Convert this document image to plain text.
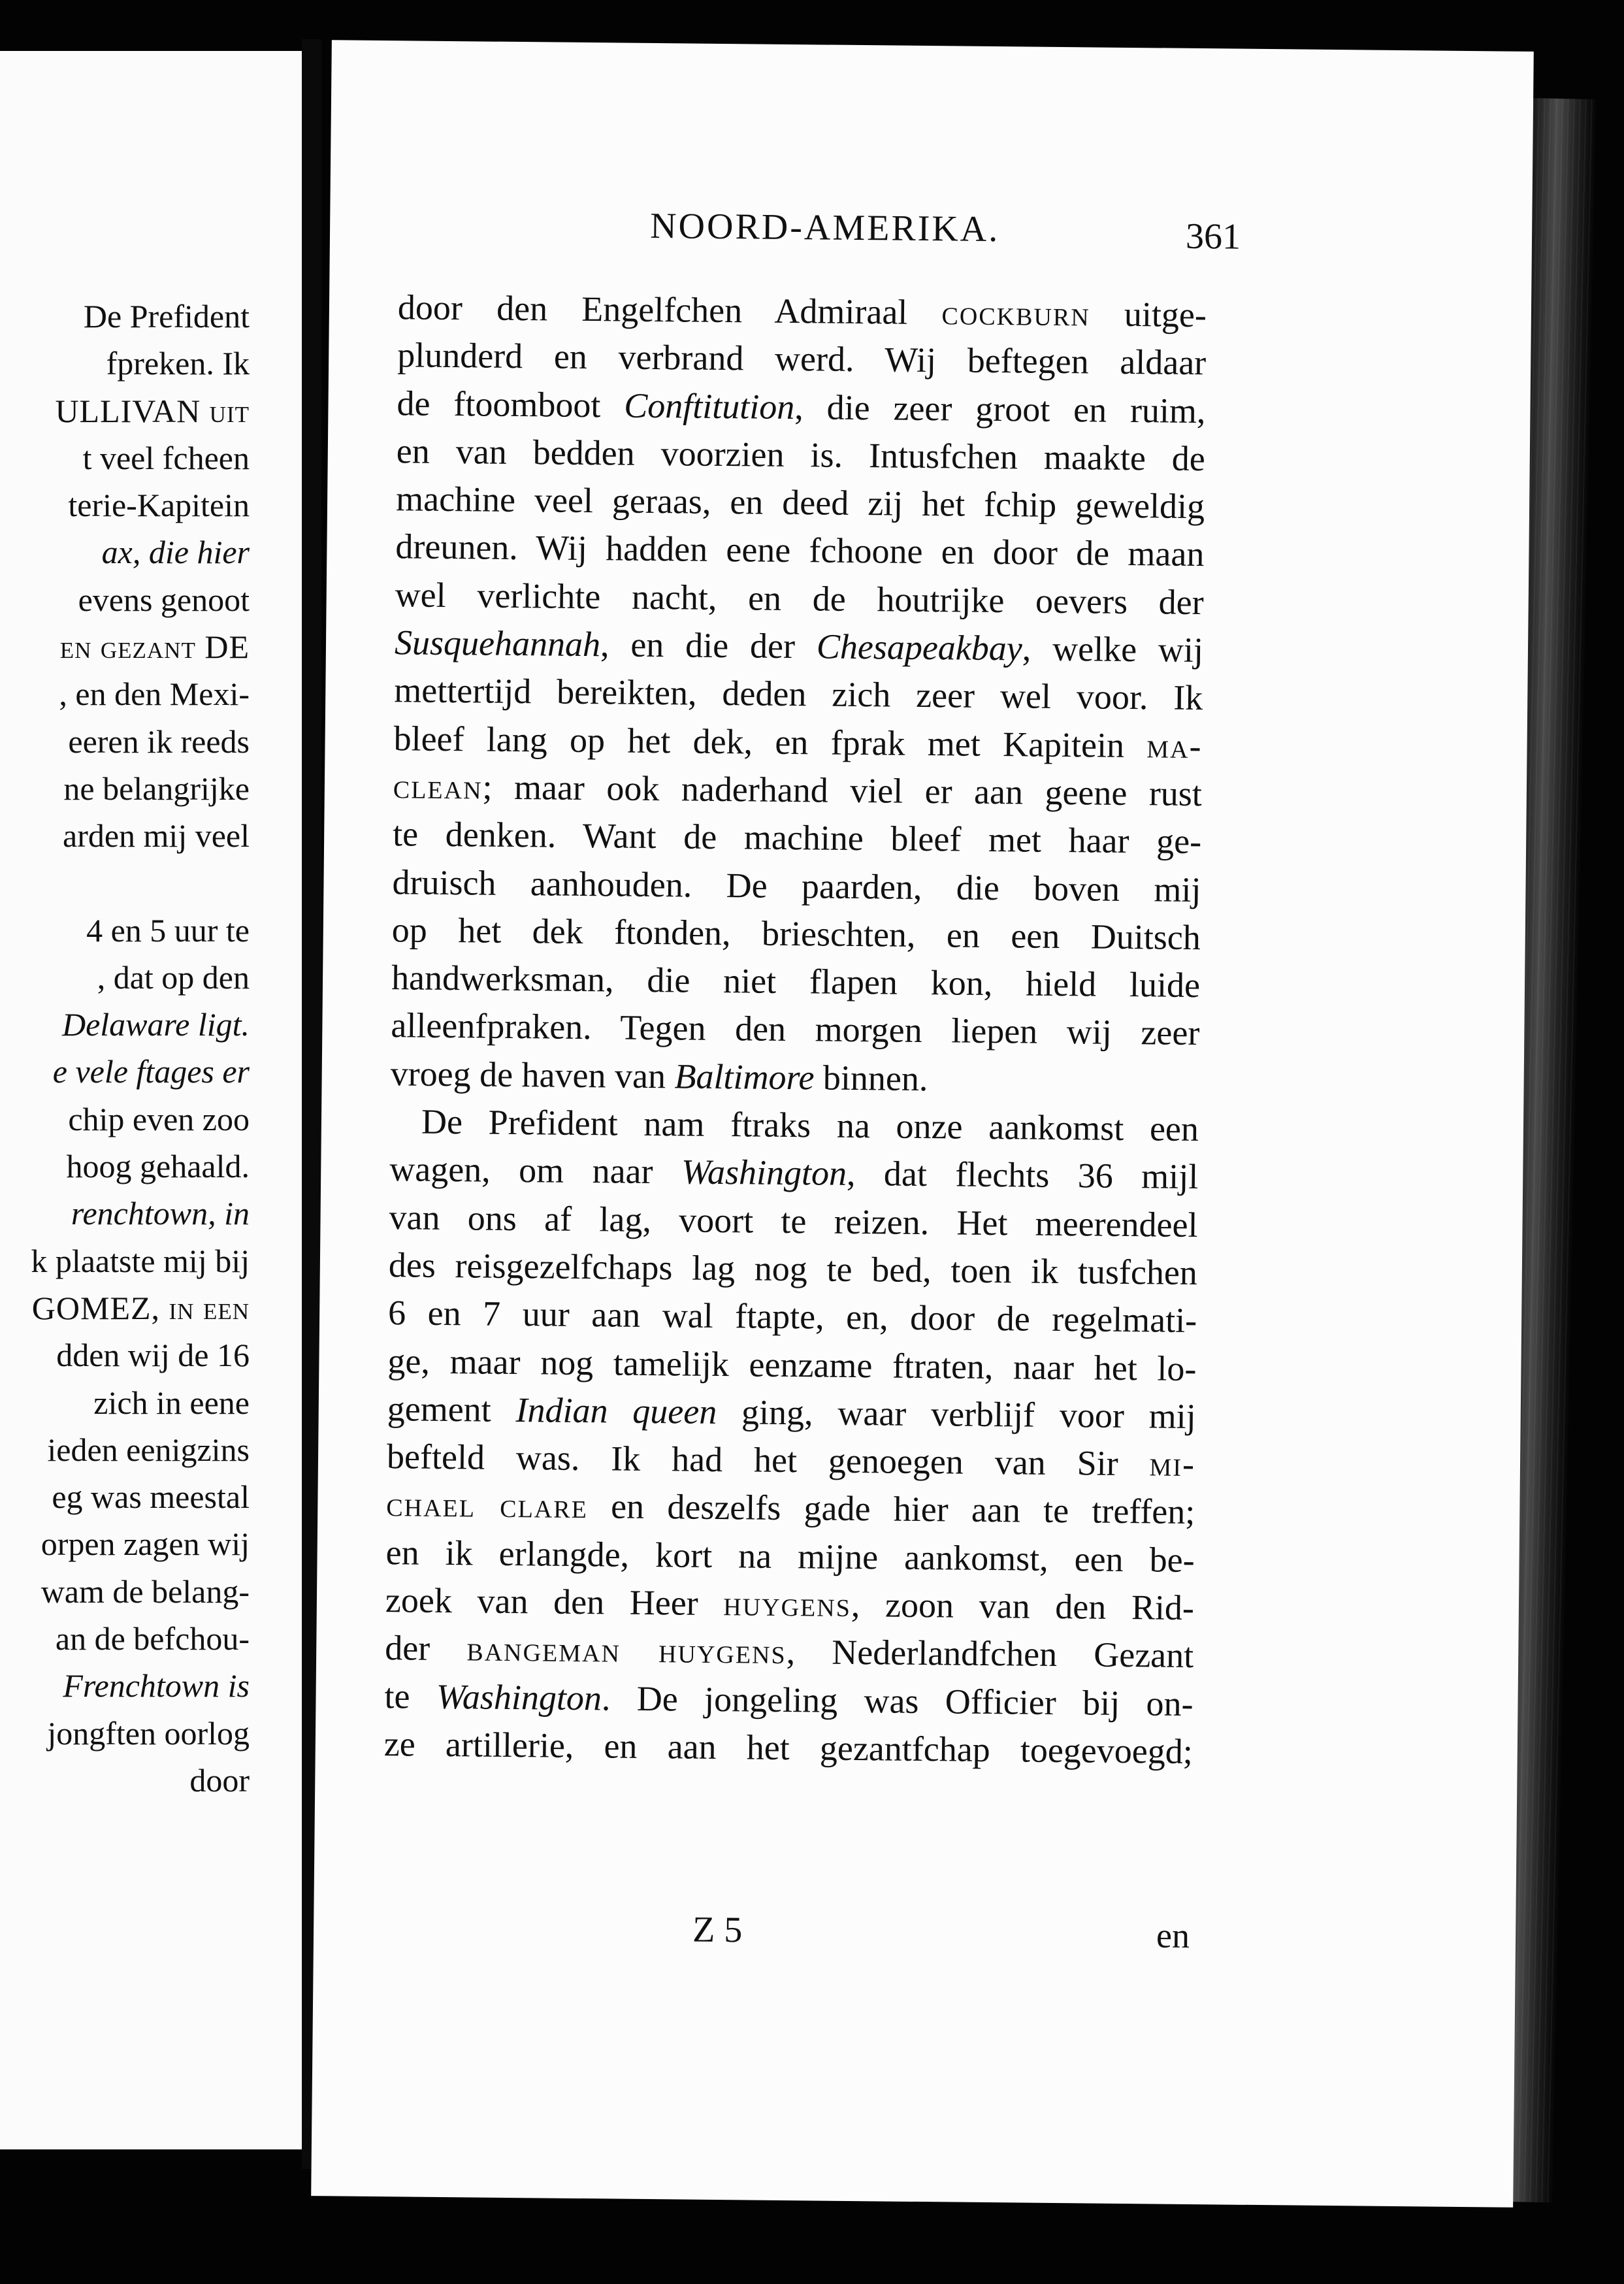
De Prefident
fpreken. Ik
ULLIVAN uit
t veel fcheen
terie-Kapitein
ax, die hier
evens genoot
en gezant DE
, en den Mexi-
eeren ik reeds
ne belangrijke
arden mij veel
4 en 5 uur te
, dat op den
Delaware ligt.
e vele ftages er
chip even zoo
hoog gehaald.
renchtown, in
k plaatste mij bij
GOMEZ, in een
dden wij de 16
zich in eene
ieden eenigzins
eg was meestal
orpen zagen wij
wam de belang-
an de befchou-
Frenchtown is
jongften oorlog
door
NOORD-AMERIKA.	361
door den Engelfchen Admiraal cockburn uitge-
plunderd en verbrand werd. Wij beftegen aldaar
de ftoomboot Conftitution, die zeer groot en ruim,
en van bedden voorzien is. Intusfchen maakte de
machine veel geraas, en deed zij het fchip geweldig
dreunen. Wij hadden eene fchoone en door de maan
wel verlichte nacht, en de houtrijke oevers der
Susquehannah, en die der Chesapeakbay, welke wij
mettertijd bereikten, deden zich zeer wel voor. Ik
bleef lang op het dek, en fprak met Kapitein ma-
clean; maar ook naderhand viel er aan geene rust
te denken. Want de machine bleef met haar ge-
druisch aanhouden. De paarden, die boven mij
op het dek ftonden, brieschten, en een Duitsch
handwerksman, die niet flapen kon, hield luide
alleenfpraken. Tegen den morgen liepen wij zeer
vroeg de haven van Baltimore binnen.
De Prefident nam ftraks na onze aankomst een
wagen, om naar Washington, dat flechts 36 mijl
van ons af lag, voort te reizen. Het meerendeel
des reisgezelfchaps lag nog te bed, toen ik tusfchen
6 en 7 uur aan wal ftapte, en, door de regelmati-
ge, maar nog tamelijk eenzame ftraten, naar het lo-
gement Indian queen ging, waar verblijf voor mij
befteld was. Ik had het genoegen van Sir mi-
chael clare en deszelfs gade hier aan te treffen;
en ik erlangde, kort na mijne aankomst, een be-
zoek van den Heer huygens, zoon van den Rid-
der bangeman huygens, Nederlandfchen Gezant
te Washington. De jongeling was Officier bij on-
ze artillerie, en aan het gezantfchap toegevoegd;
Z 5	en
